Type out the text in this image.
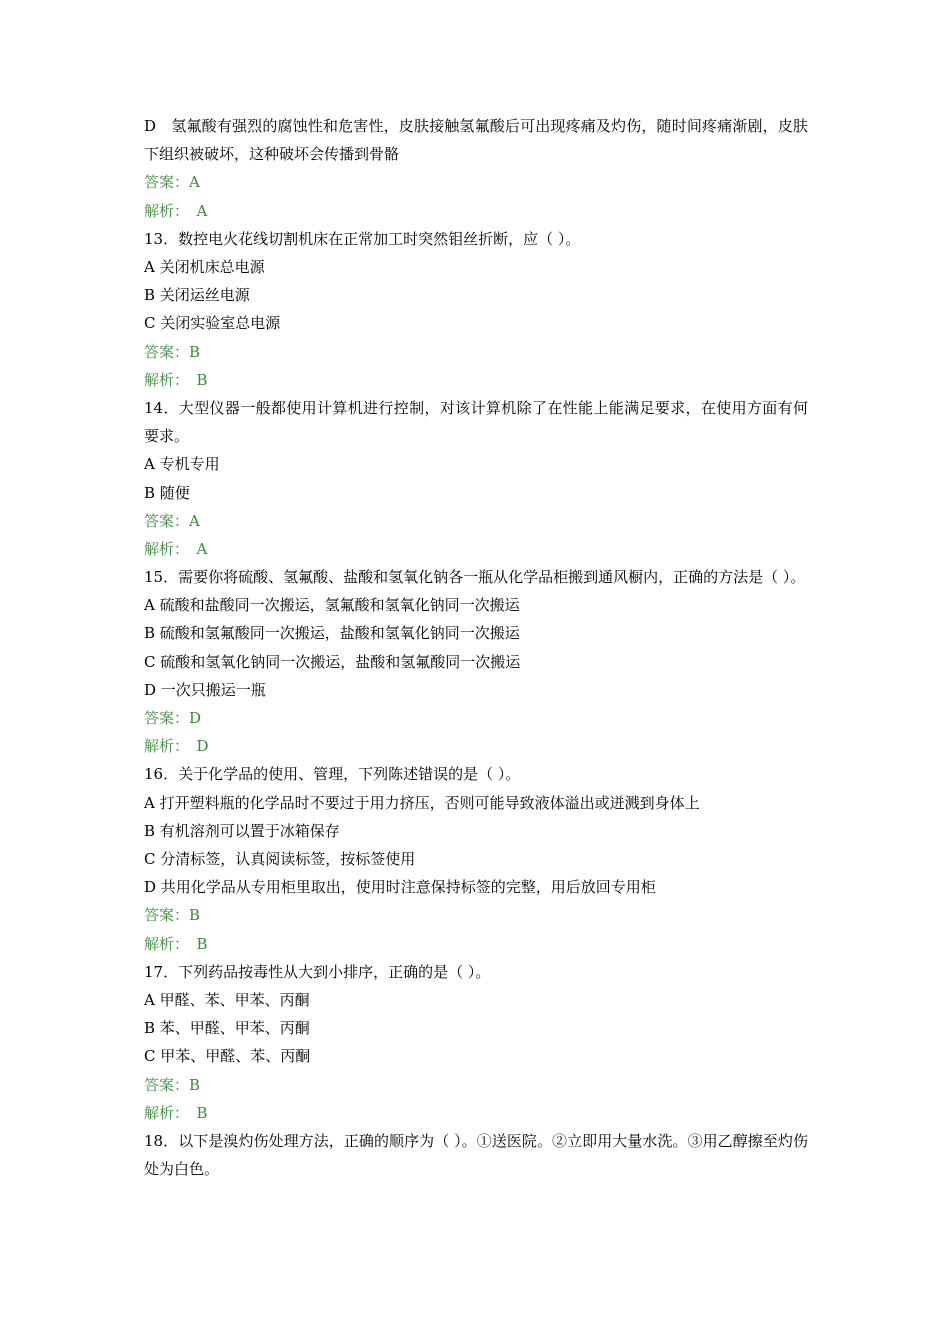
D　氢氟酸有强烈的腐蚀性和危害性，皮肤接触氢氟酸后可出现疼痛及灼伤，随时间疼痛渐剧，皮肤下组织被破坏，这种破坏会传播到骨骼
答案：A
解析：　A
13．数控电火花线切割机床在正常加工时突然钼丝折断，应（ ）。
A 关闭机床总电源
B 关闭运丝电源
C 关闭实验室总电源
答案：B
解析：　B
14．大型仪器一般都使用计算机进行控制，对该计算机除了在性能上能满足要求，在使用方面有何要求。
A 专机专用
B 随便
答案：A
解析：　A
15．需要你将硫酸、氢氟酸、盐酸和氢氧化钠各一瓶从化学品柜搬到通风橱内，正确的方法是（ ）。
A 硫酸和盐酸同一次搬运，氢氟酸和氢氧化钠同一次搬运
B 硫酸和氢氟酸同一次搬运，盐酸和氢氧化钠同一次搬运
C 硫酸和氢氧化钠同一次搬运，盐酸和氢氟酸同一次搬运
D 一次只搬运一瓶
答案：D
解析：　D
16．关于化学品的使用、管理，下列陈述错误的是（ ）。
A 打开塑料瓶的化学品时不要过于用力挤压，否则可能导致液体溢出或迸溅到身体上
B 有机溶剂可以置于冰箱保存
C 分清标签，认真阅读标签，按标签使用
D 共用化学品从专用柜里取出，使用时注意保持标签的完整，用后放回专用柜
答案：B
解析：　B
17．下列药品按毒性从大到小排序，正确的是（ ）。
A 甲醛、苯、甲苯、丙酮
B 苯、甲醛、甲苯、丙酮
C 甲苯、甲醛、苯、丙酮
答案：B
解析：　B
18．以下是溴灼伤处理方法，正确的顺序为（ ）。①送医院。②立即用大量水洗。③用乙醇擦至灼伤处为白色。
